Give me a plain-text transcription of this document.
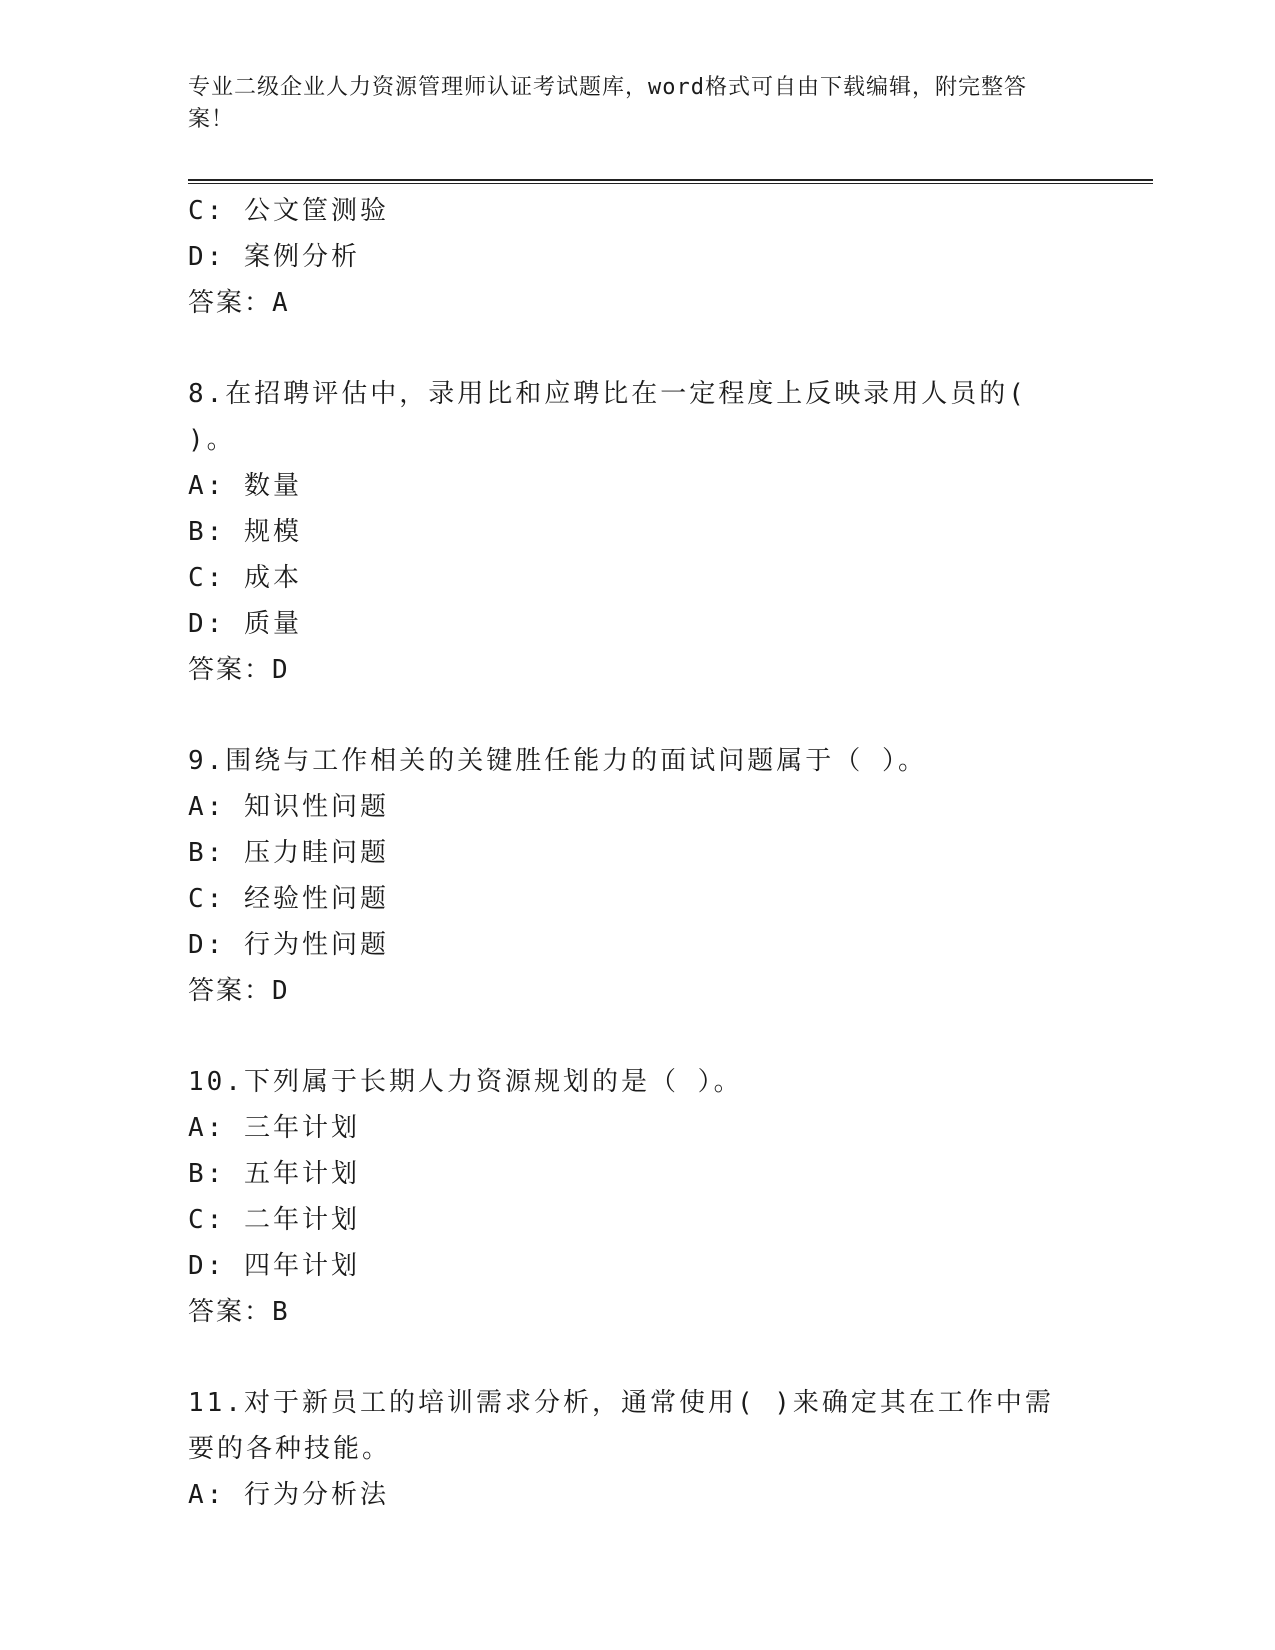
专业二级企业人力资源管理师认证考试题库，word格式可自由下载编辑，附完整答案！
C: 公文筐测验
D: 案例分析
答案：A
8.在招聘评估中，录用比和应聘比在一定程度上反映录用人员的( )。
A: 数量
B: 规模
C: 成本
D: 质量
答案：D
9.围绕与工作相关的关键胜任能力的面试问题属于（ ）。
A: 知识性问题
B: 压力眭问题
C: 经验性问题
D: 行为性问题
答案：D
10.下列属于长期人力资源规划的是（ ）。
A: 三年计划
B: 五年计划
C: 二年计划
D: 四年计划
答案：B
11.对于新员工的培训需求分析，通常使用( )来确定其在工作中需要的各种技能。
A: 行为分析法
